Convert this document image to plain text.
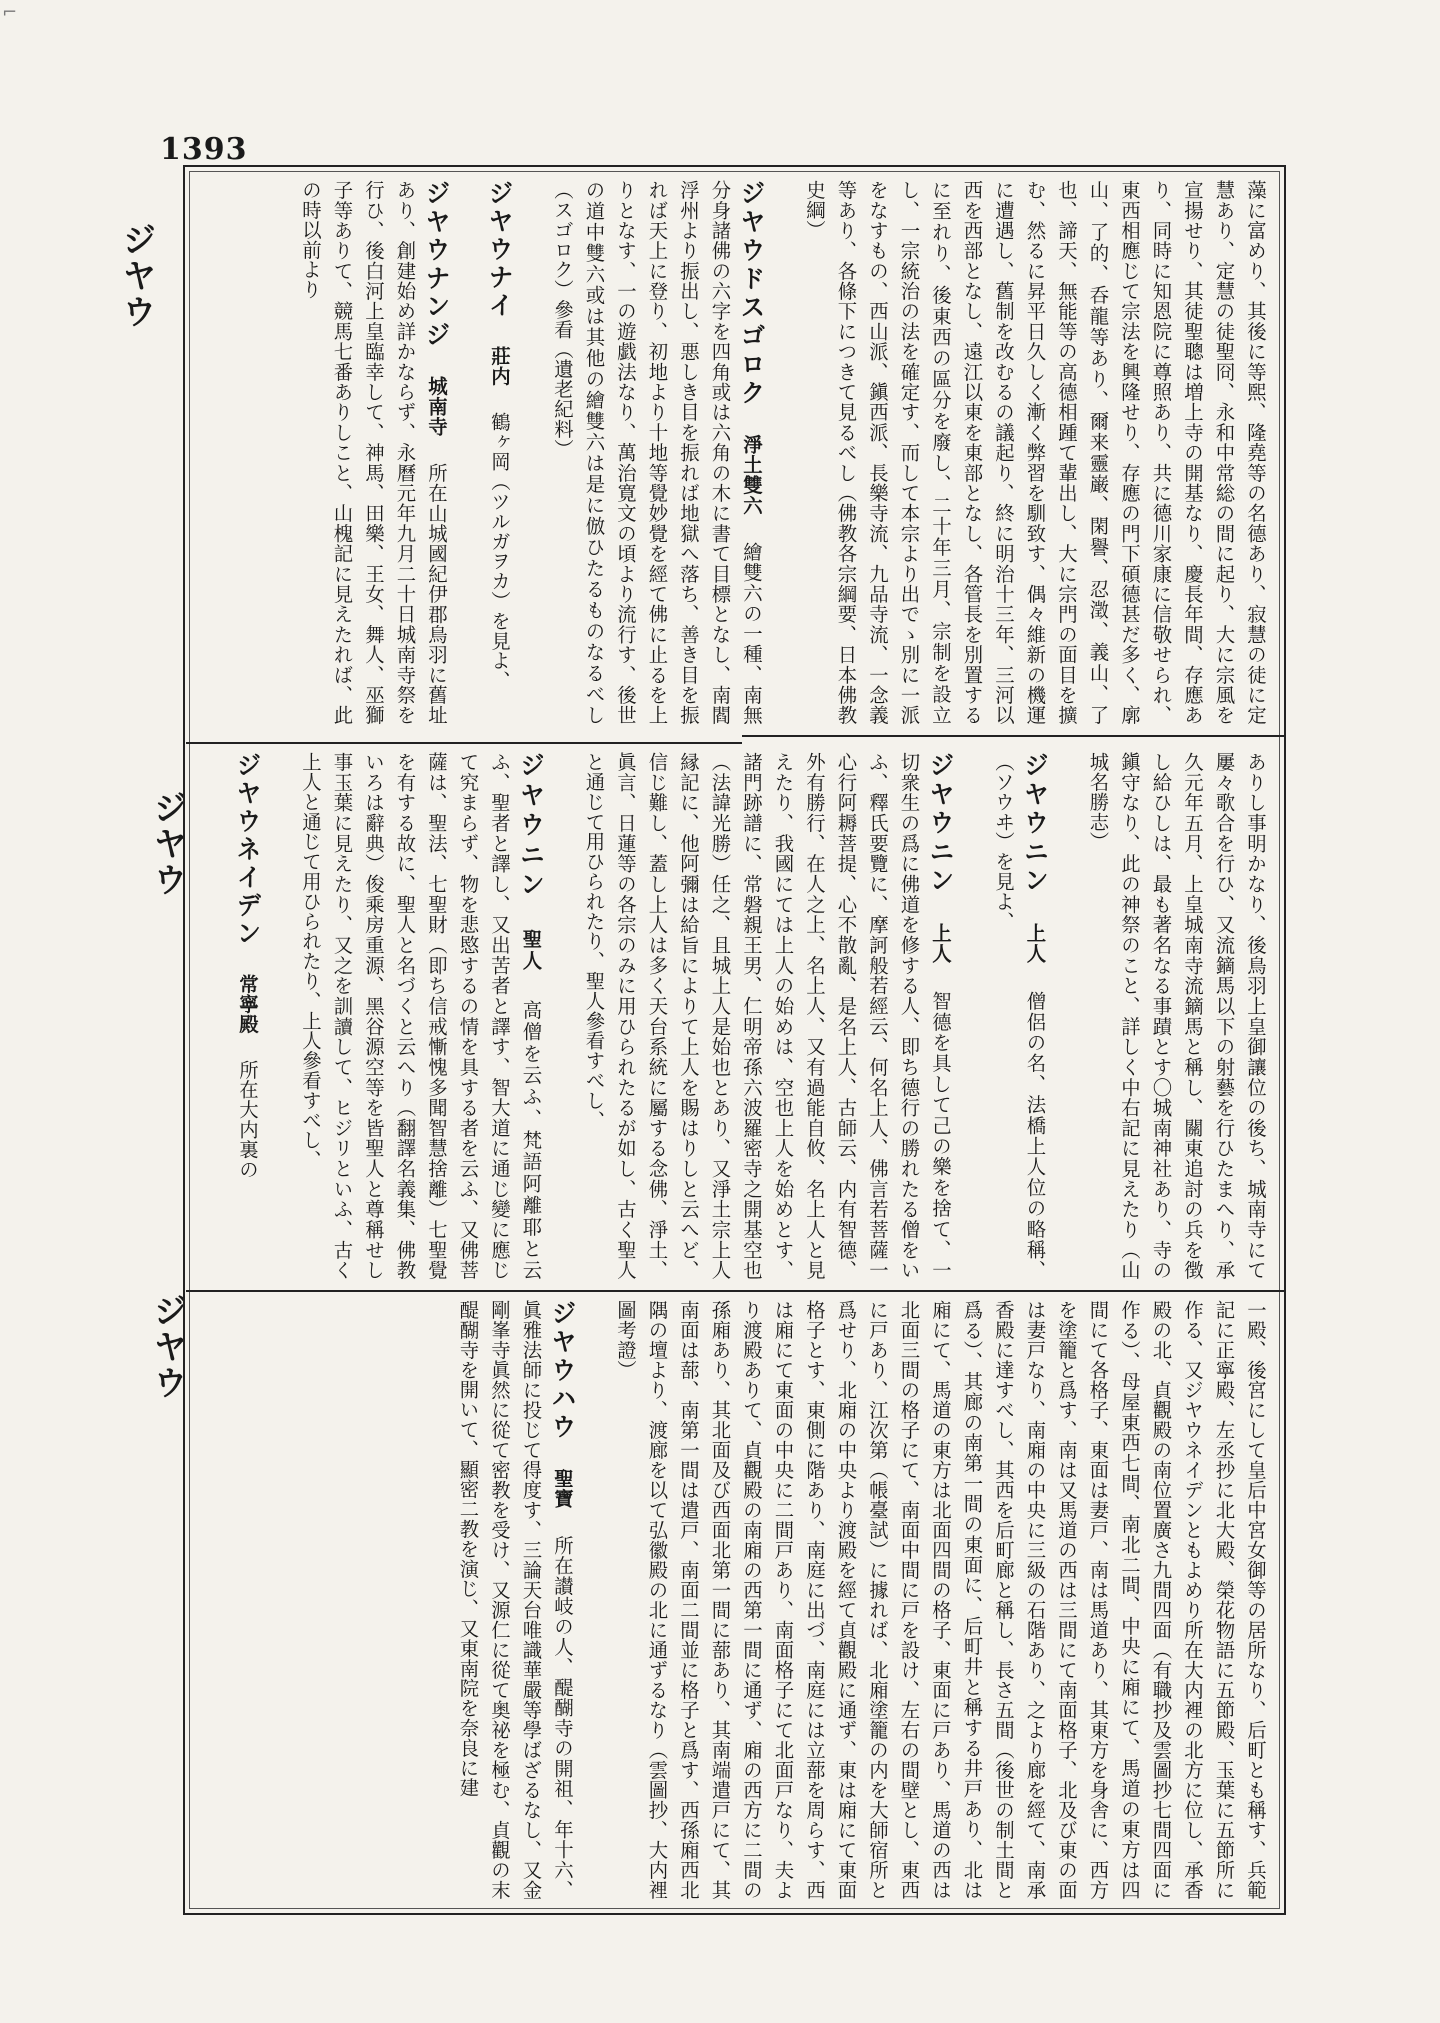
⌐
1393
ジヤウ
ジヤウ
ジヤウ

藻に富めり、其後に等煕、隆堯等の名德あり、寂慧の徒に定慧あり、定慧の徒聖冏、永和中常総の間に起り、大に宗風を宣揚せり、其徒聖聰は増上寺の開基なり、慶長年間、存應あり、同時に知恩院に尊照あり、共に德川家康に信敬せられ、東西相應じて宗法を興隆せり、存應の門下碩德甚だ多く、廓山、了的、呑龍等あり、爾来靈巌、閑譽、忍澂、義山、了也、諦天、無能等の高德相踵て輩出し、大に宗門の面目を擴む、然るに昇平日久しく漸く弊習を馴致す、偶々維新の機運に遭遇し、舊制を改むるの議起り、終に明治十三年、三河以西を西部となし、遠江以東を東部となし、各管長を別置するに至れり、後東西の區分を廢し、二十年三月、宗制を設立し、一宗統治の法を確定す、而して本宗より出でゝ別に一派をなすもの、西山派、鎭西派、長樂寺流、九品寺流、一念義等あり、各條下につきて見るべし（佛教各宗綱要、日本佛教史綱）

ジヤウドスゴロク淨土雙六繪雙六の一種、南無分身諸佛の六字を四角或は六角の木に書て目標となし、南閻浮州より振出し、悪しき目を振れば地獄へ落ち、善き目を振れば天上に登り、初地より十地等覺妙覺を經て佛に止るを上りとなす、一の遊戯法なり、萬治寛文の頃より流行す、後世の道中雙六或は其他の繪雙六は是に倣ひたるものなるべし（スゴロク）參看（遺老紀料）

ジヤウナイ莊内鶴ヶ岡（ツルガヲカ）を見よ、

ジヤウナンジ城南寺所在山城國紀伊郡鳥羽に舊址あり、創建始め詳かならず、永曆元年九月二十日城南寺祭を行ひ、後白河上皇臨幸して、神馬、田樂、王女、舞人、巫獅子等ありて、競馬七番ありしこと、山槐記に見えたれば、此の時以前より

ありし事明かなり、後鳥羽上皇御讓位の後ち、城南寺にて屢々歌合を行ひ、又流鏑馬以下の射藝を行ひたまへり、承久元年五月、上皇城南寺流鏑馬と稱し、關東追討の兵を徴し給ひしは、最も著名なる事蹟とす〇城南神社あり、寺の鎭守なり、此の神祭のこと、詳しく中右記に見えたり（山城名勝志）

ジヤウニン上人僧侶の名、法橋上人位の略稱、（ソウヰ）を見よ、

ジヤウニン上人智德を具して己の樂を捨て、一切衆生の爲に佛道を修する人、即ち德行の勝れたる僧をいふ、釋氏要覽に、摩訶般若經云、何名上人、佛言若菩薩一心行阿耨菩提、心不散亂、是名上人、古師云、内有智德、外有勝行、在人之上、名上人、又有過能自攸、名上人と見えたり、我國にては上人の始めは、空也上人を始めとす、諸門跡譜に、常磐親王男、仁明帝孫六波羅密寺之開基空也（法諱光勝）任之、且城上人是始也とあり、又淨土宗上人縁記に、他阿彌は給旨によりて上人を賜はりしと云へど、信じ難し、蓋し上人は多く天台系統に屬する念佛、淨土、眞言、日蓮等の各宗のみに用ひられたるが如し、古く聖人と通じて用ひられたり、聖人參看すべし、

ジヤウニン聖人高僧を云ふ、梵語阿離耶と云ふ、聖者と譯し、又出苦者と譯す、智大道に通じ變に應じて究まらず、物を悲愍するの情を具する者を云ふ、又佛菩薩は、聖法、七聖財（即ち信戒慚愧多聞智慧捨離）七聖覺を有する故に、聖人と名づくと云へり（翻譯名義集、佛教いろは辭典）俊乘房重源、黑谷源空等を皆聖人と尊稱せし事玉葉に見えたり、又之を訓讀して、ヒジリといふ、古く上人と通じて用ひられたり、上人參看すべし、

ジヤウネイデン常寧殿所在大内裏の

一殿、後宮にして皇后中宮女御等の居所なり、后町とも稱す、兵範記に正寧殿、左丞抄に北大殿、榮花物語に五節殿、玉葉に五節所に作る、又ジヤウネイデンともよめり所在大内裡の北方に位し、承香殿の北、貞觀殿の南位置廣さ九間四面（有職抄及雲圖抄七間四面に作る）、母屋東西七間、南北二間、中央に廂にて、馬道の東方は四間にて各格子、東面は妻戸、南は馬道あり、其東方を身舎に、西方を塗籠と爲す、南は又馬道の西は三間にて南面格子、北及び東の面は妻戸なり、南廂の中央に三級の石階あり、之より廊を經て、南承香殿に達すべし、其西を后町廊と稱し、長さ五間（後世の制土間と爲る）、其廊の南第一間の東面に、后町井と稱する井戸あり、北は廂にて、馬道の東方は北面四間の格子、東面に戸あり、馬道の西は北面三間の格子にて、南面中間に戸を設け、左右の間壁とし、東西に戸あり、江次第（帳臺試）に據れば、北廂塗籠の内を大師宿所と爲せり、北廂の中央より渡殿を經て貞觀殿に通ず、東は廂にて東面格子とす、東側に階あり、南庭に出づ、南庭には立蔀を周らす、西は廂にて東面の中央に二間戸あり、南面格子にて北面戸なり、夫より渡殿ありて、貞觀殿の南廂の西第一間に通ず、廂の西方に二間の孫廂あり、其北面及び西面北第一間に蔀あり、其南端遣戸にて、其南面は蔀、南第一間は遣戸、南面二間並に格子と爲す、西孫廂西北隅の壇より、渡廊を以て弘徽殿の北に通ずるなり（雲圖抄、大内裡圖考證）

ジヤウハウ聖寶所在讃岐の人、醍醐寺の開祖、年十六、眞雅法師に投じて得度す、三論天台唯識華嚴等學ばざるなし、又金剛峯寺眞然に從て密教を受け、又源仁に從て奥祕を極む、貞觀の末醍醐寺を開いて、顯密二教を演じ、又東南院を奈良に建
